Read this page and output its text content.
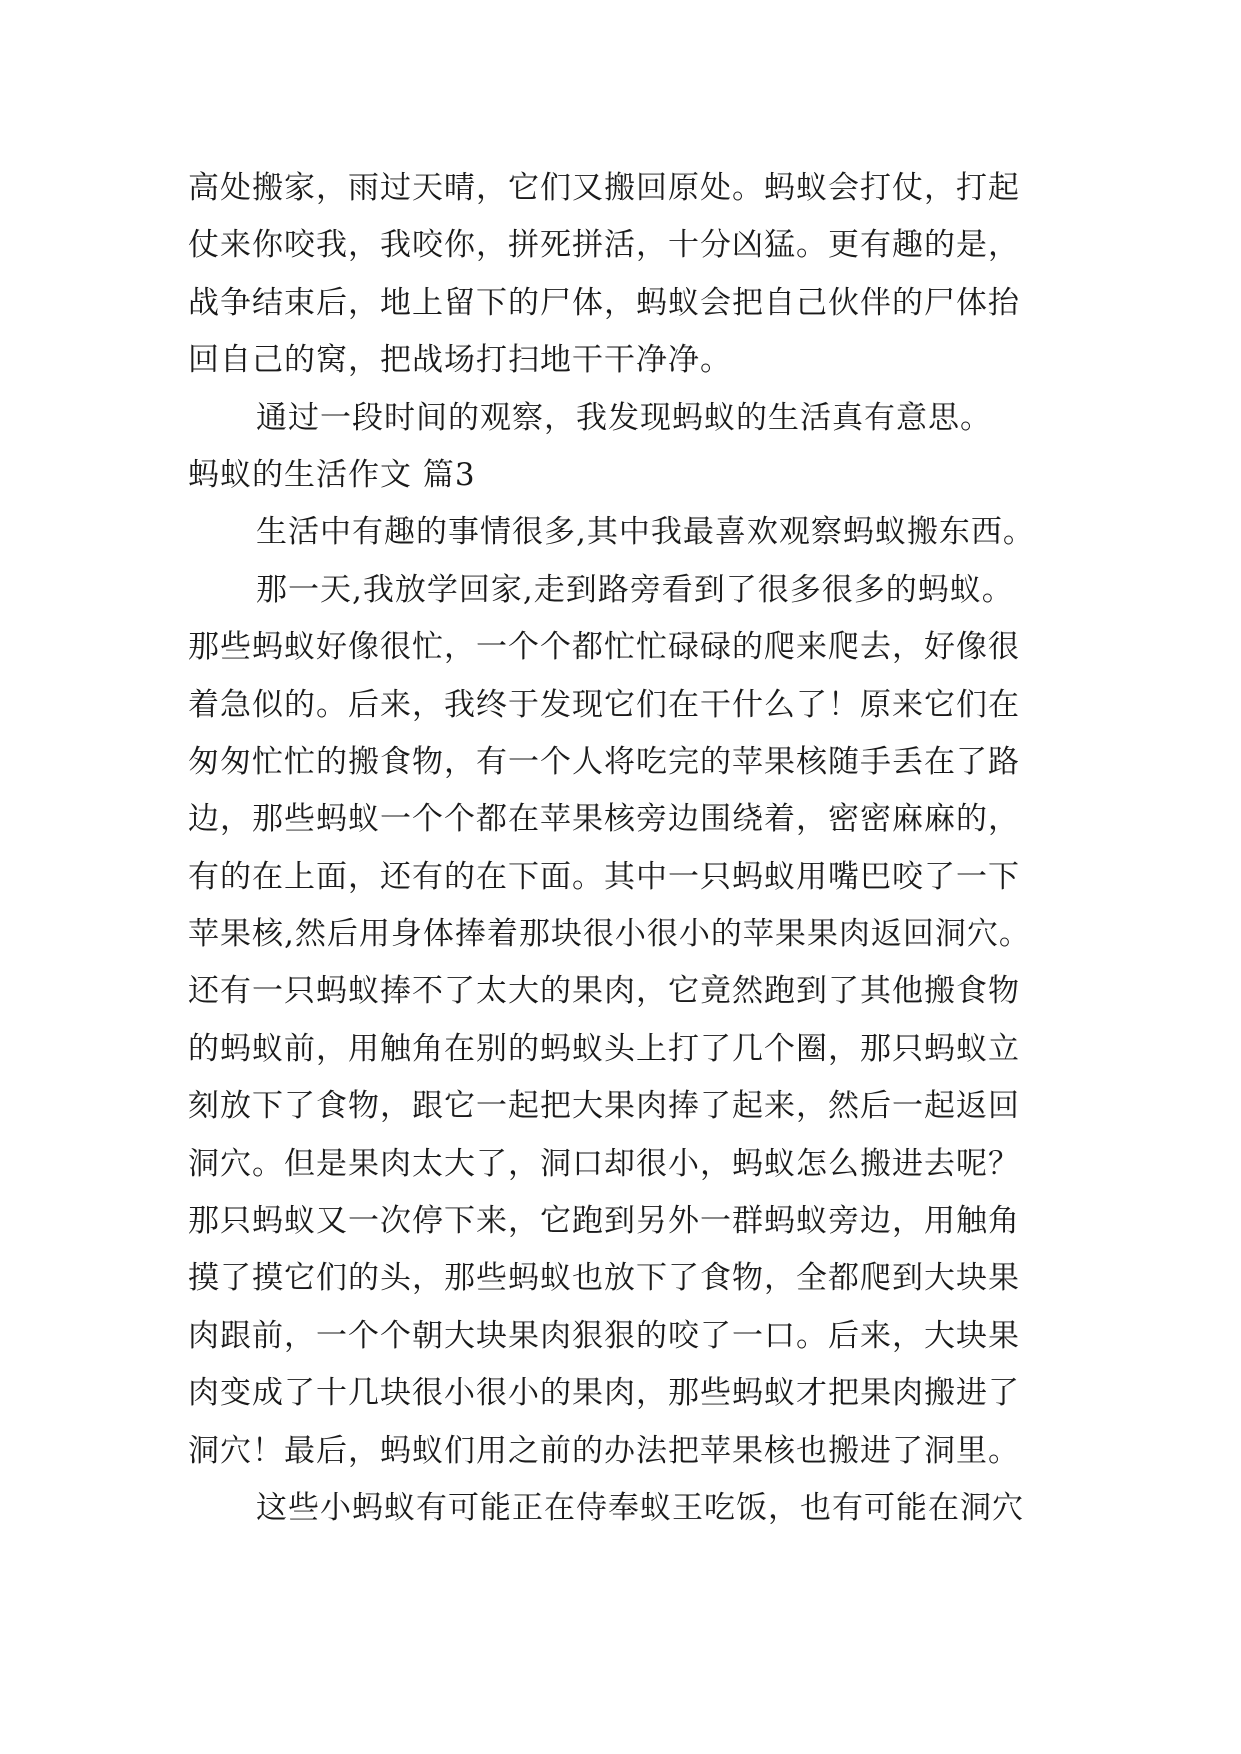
高处搬家，雨过天晴，它们又搬回原处。蚂蚁会打仗，打起
仗来你咬我，我咬你，拼死拼活，十分凶猛。更有趣的是，
战争结束后，地上留下的尸体，蚂蚁会把自己伙伴的尸体抬
回自己的窝，把战场打扫地干干净净。
通过一段时间的观察，我发现蚂蚁的生活真有意思。
蚂蚁的生活作文 篇3
生活中有趣的事情很多,其中我最喜欢观察蚂蚁搬东西。
那一天,我放学回家,走到路旁看到了很多很多的蚂蚁。
那些蚂蚁好像很忙，一个个都忙忙碌碌的爬来爬去，好像很
着急似的。后来，我终于发现它们在干什么了！原来它们在
匆匆忙忙的搬食物，有一个人将吃完的苹果核随手丢在了路
边，那些蚂蚁一个个都在苹果核旁边围绕着，密密麻麻的，
有的在上面，还有的在下面。其中一只蚂蚁用嘴巴咬了一下
苹果核,然后用身体捧着那块很小很小的苹果果肉返回洞穴。
还有一只蚂蚁捧不了太大的果肉，它竟然跑到了其他搬食物
的蚂蚁前，用触角在别的蚂蚁头上打了几个圈，那只蚂蚁立
刻放下了食物，跟它一起把大果肉捧了起来，然后一起返回
洞穴。但是果肉太大了，洞口却很小，蚂蚁怎么搬进去呢？
那只蚂蚁又一次停下来，它跑到另外一群蚂蚁旁边，用触角
摸了摸它们的头，那些蚂蚁也放下了食物，全都爬到大块果
肉跟前，一个个朝大块果肉狠狠的咬了一口。后来，大块果
肉变成了十几块很小很小的果肉，那些蚂蚁才把果肉搬进了
洞穴！最后，蚂蚁们用之前的办法把苹果核也搬进了洞里。
这些小蚂蚁有可能正在侍奉蚁王吃饭，也有可能在洞穴
